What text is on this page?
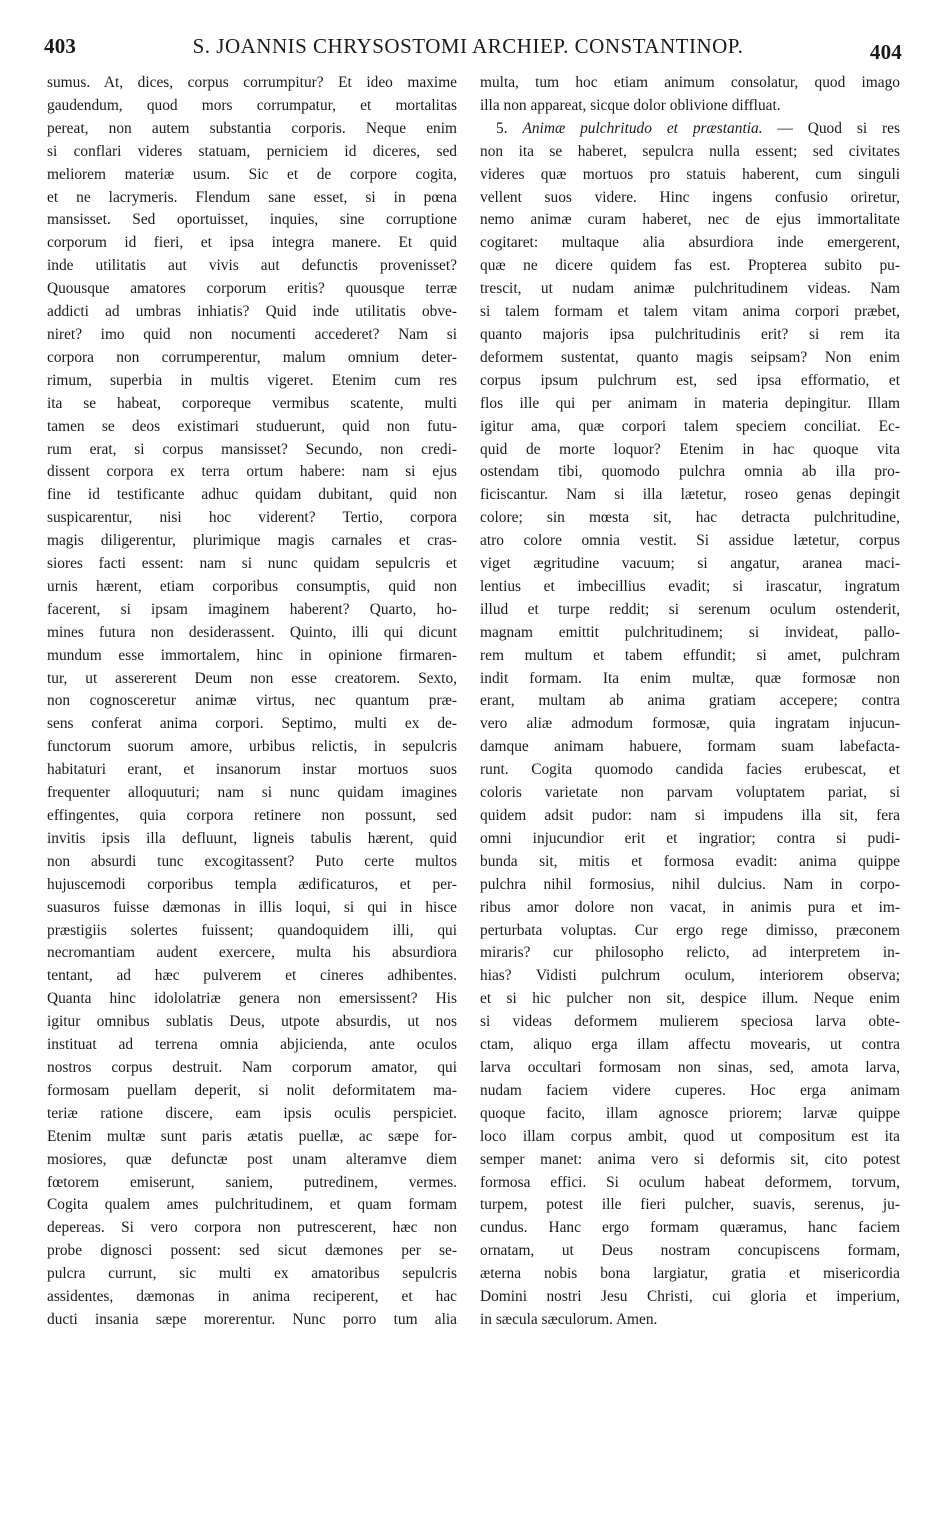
403	S. JOANNIS CHRYSOSTOMI ARCHIEP. CONSTANTINOP.	404

sumus. At, dices, corpus corrumpitur? Et ideo maxime

gaudendum, quod mors corrumpatur, et mortalitas

pereat, non autem substantia corporis. Neque enim

si conflari videres statuam, perniciem id diceres, sed

meliorem materiæ usum. Sic et de corpore cogita,

et ne lacrymeris. Flendum sane esset, si in pœna

mansisset. Sed oportuisset, inquies, sine corruptione

corporum id fieri, et ipsa integra manere. Et quid

inde utilitatis aut vivis aut defunctis provenisset?

Quousque amatores corporum eritis? quousque terræ

addicti ad umbras inhiatis? Quid inde utilitatis obve-

niret? imo quid non nocumenti accederet? Nam si

corpora non corrumperentur, malum omnium deter-

rimum, superbia in multis vigeret. Etenim cum res

ita se habeat, corporeque vermibus scatente, multi

tamen se deos existimari studuerunt, quid non futu-

rum erat, si corpus mansisset? Secundo, non credi-

dissent corpora ex terra ortum habere: nam si ejus

fine id testificante adhuc quidam dubitant, quid non

suspicarentur, nisi hoc viderent? Tertio, corpora

magis diligerentur, plurimique magis carnales et cras-

siores facti essent: nam si nunc quidam sepulcris et

urnis hærent, etiam corporibus consumptis, quid non

facerent, si ipsam imaginem haberent? Quarto, ho-

mines futura non desiderassent. Quinto, illi qui dicunt

mundum esse immortalem, hinc in opinione firmaren-

tur, ut assererent Deum non esse creatorem. Sexto,

non cognosceretur animæ virtus, nec quantum præ-

sens conferat anima corpori. Septimo, multi ex de-

functorum suorum amore, urbibus relictis, in sepulcris

habitaturi erant, et insanorum instar mortuos suos

frequenter alloquuturi; nam si nunc quidam imagines

effingentes, quia corpora retinere non possunt, sed

invitis ipsis illa defluunt, ligneis tabulis hærent, quid

non absurdi tunc excogitassent? Puto certe multos

hujuscemodi corporibus templa ædificaturos, et per-

suasuros fuisse dæmonas in illis loqui, si qui in hisce

præstigiis solertes fuissent; quandoquidem illi, qui

necromantiam audent exercere, multa his absurdiora

tentant, ad hæc pulverem et cineres adhibentes.

Quanta hinc idololatriæ genera non emersissent? His

igitur omnibus sublatis Deus, utpote absurdis, ut nos

instituat ad terrena omnia abjicienda, ante oculos

nostros corpus destruit. Nam corporum amator, qui

formosam puellam deperit, si nolit deformitatem ma-

teriæ ratione discere, eam ipsis oculis perspiciet.

Etenim multæ sunt paris ætatis puellæ, ac sæpe for-

mosiores, quæ defunctæ post unam alteramve diem

fœtorem emiserunt, saniem, putredinem, vermes.

Cogita qualem ames pulchritudinem, et quam formam

depereas. Si vero corpora non putrescerent, hæc non

probe dignosci possent: sed sicut dæmones per se-

pulcra currunt, sic multi ex amatoribus sepulcris

assidentes, dæmonas in anima reciperent, et hac

ducti insania sæpe morerentur. Nunc porro tum alia

multa, tum hoc etiam animum consolatur, quod imago

illa non appareat, sicque dolor oblivione diffluat.

5. Animæ pulchritudo et præstantia. — Quod si res

non ita se haberet, sepulcra nulla essent; sed civitates

videres quæ mortuos pro statuis haberent, cum singuli

vellent suos videre. Hinc ingens confusio oriretur,

nemo animæ curam haberet, nec de ejus immortalitate

cogitaret: multaque alia absurdiora inde emergerent,

quæ ne dicere quidem fas est. Propterea subito pu-

trescit, ut nudam animæ pulchritudinem videas. Nam

si talem formam et talem vitam anima corpori præbet,

quanto majoris ipsa pulchritudinis erit? si rem ita

deformem sustentat, quanto magis seipsam? Non enim

corpus ipsum pulchrum est, sed ipsa efformatio, et

flos ille qui per animam in materia depingitur. Illam

igitur ama, quæ corpori talem speciem conciliat. Ec-

quid de morte loquor? Etenim in hac quoque vita

ostendam tibi, quomodo pulchra omnia ab illa pro-

ficiscantur. Nam si illa lætetur, roseo genas depingit

colore; sin mœsta sit, hac detracta pulchritudine,

atro colore omnia vestit. Si assidue lætetur, corpus

viget ægritudine vacuum; si angatur, aranea maci-

lentius et imbecillius evadit; si irascatur, ingratum

illud et turpe reddit; si serenum oculum ostenderit,

magnam emittit pulchritudinem; si invideat, pallo-

rem multum et tabem effundit; si amet, pulchram

indit formam. Ita enim multæ, quæ formosæ non

erant, multam ab anima gratiam accepere; contra

vero aliæ admodum formosæ, quia ingratam injucun-

damque animam habuere, formam suam labefacta-

runt. Cogita quomodo candida facies erubescat, et

coloris varietate non parvam voluptatem pariat, si

quidem adsit pudor: nam si impudens illa sit, fera

omni injucundior erit et ingratior; contra si pudi-

bunda sit, mitis et formosa evadit: anima quippe

pulchra nihil formosius, nihil dulcius. Nam in corpo-

ribus amor dolore non vacat, in animis pura et im-

perturbata voluptas. Cur ergo rege dimisso, præconem

miraris? cur philosopho relicto, ad interpretem in-

hias? Vidisti pulchrum oculum, interiorem observa;

et si hic pulcher non sit, despice illum. Neque enim

si videas deformem mulierem speciosa larva obte-

ctam, aliquo erga illam affectu movearis, ut contra

larva occultari formosam non sinas, sed, amota larva,

nudam faciem videre cuperes. Hoc erga animam

quoque facito, illam agnosce priorem; larvæ quippe

loco illam corpus ambit, quod ut compositum est ita

semper manet: anima vero si deformis sit, cito potest

formosa effici. Si oculum habeat deformem, torvum,

turpem, potest ille fieri pulcher, suavis, serenus, ju-

cundus. Hanc ergo formam quæramus, hanc faciem

ornatam, ut Deus nostram concupiscens formam,

æterna nobis bona largiatur, gratia et misericordia

Domini nostri Jesu Christi, cui gloria et imperium,

in sæcula sæculorum. Amen.
